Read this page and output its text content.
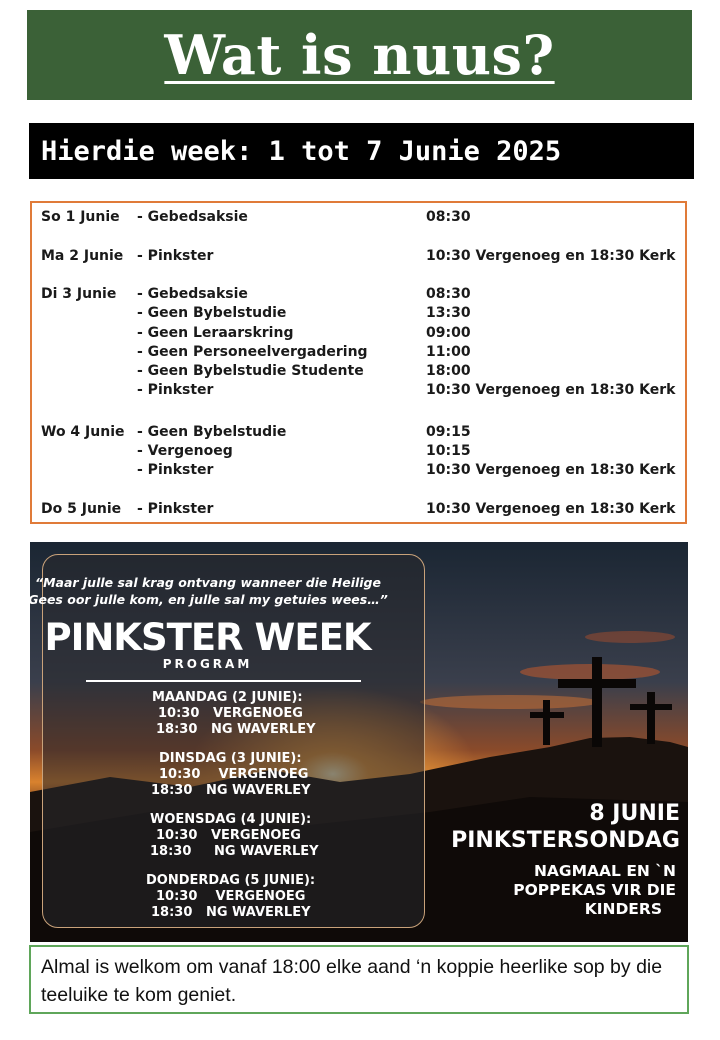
Wat is nuus?
Hierdie week: 1 tot 7 Junie 2025
So 1 Junie - Gebedsaksie	08:30
Ma 2 Junie - Pinkster	10:30 Vergenoeg en 18:30 Kerk
Di 3 Junie - Gebedsaksie	08:30
- Geen Bybelstudie	13:30
- Geen Leraarskring	09:00
- Geen Personeelvergadering	11:00
- Geen Bybelstudie Studente	18:00
- Pinkster	10:30 Vergenoeg en 18:30 Kerk
Wo 4 Junie - Geen Bybelstudie	09:15
- Vergenoeg	10:15
- Pinkster	10:30 Vergenoeg en 18:30 Kerk
Do 5 Junie - Pinkster	10:30 Vergenoeg en 18:30 Kerk
“Maar julle sal krag ontvang wanneer die Heilige Gees oor julle kom, en julle sal my getuies wees…”
PINKSTER WEEK
PROGRAM
MAANDAG (2 JUNIE):
10:30   VERGENOEG
18:30   NG WAVERLEY
DINSDAG (3 JUNIE):
10:30    VERGENOEG
18:30   NG WAVERLEY
WOENSDAG (4 JUNIE):
10:30   VERGENOEG
18:30     NG WAVERLEY
DONDERDAG (5 JUNIE):
10:30    VERGENOEG
18:30   NG WAVERLEY
8 JUNIE
PINKSTERSONDAG
NAGMAAL EN `N
POPPEKAS VIR DIE
KINDERS
Almal is welkom om vanaf 18:00 elke aand ‘n koppie heerlike sop by die teeluike te kom geniet.
